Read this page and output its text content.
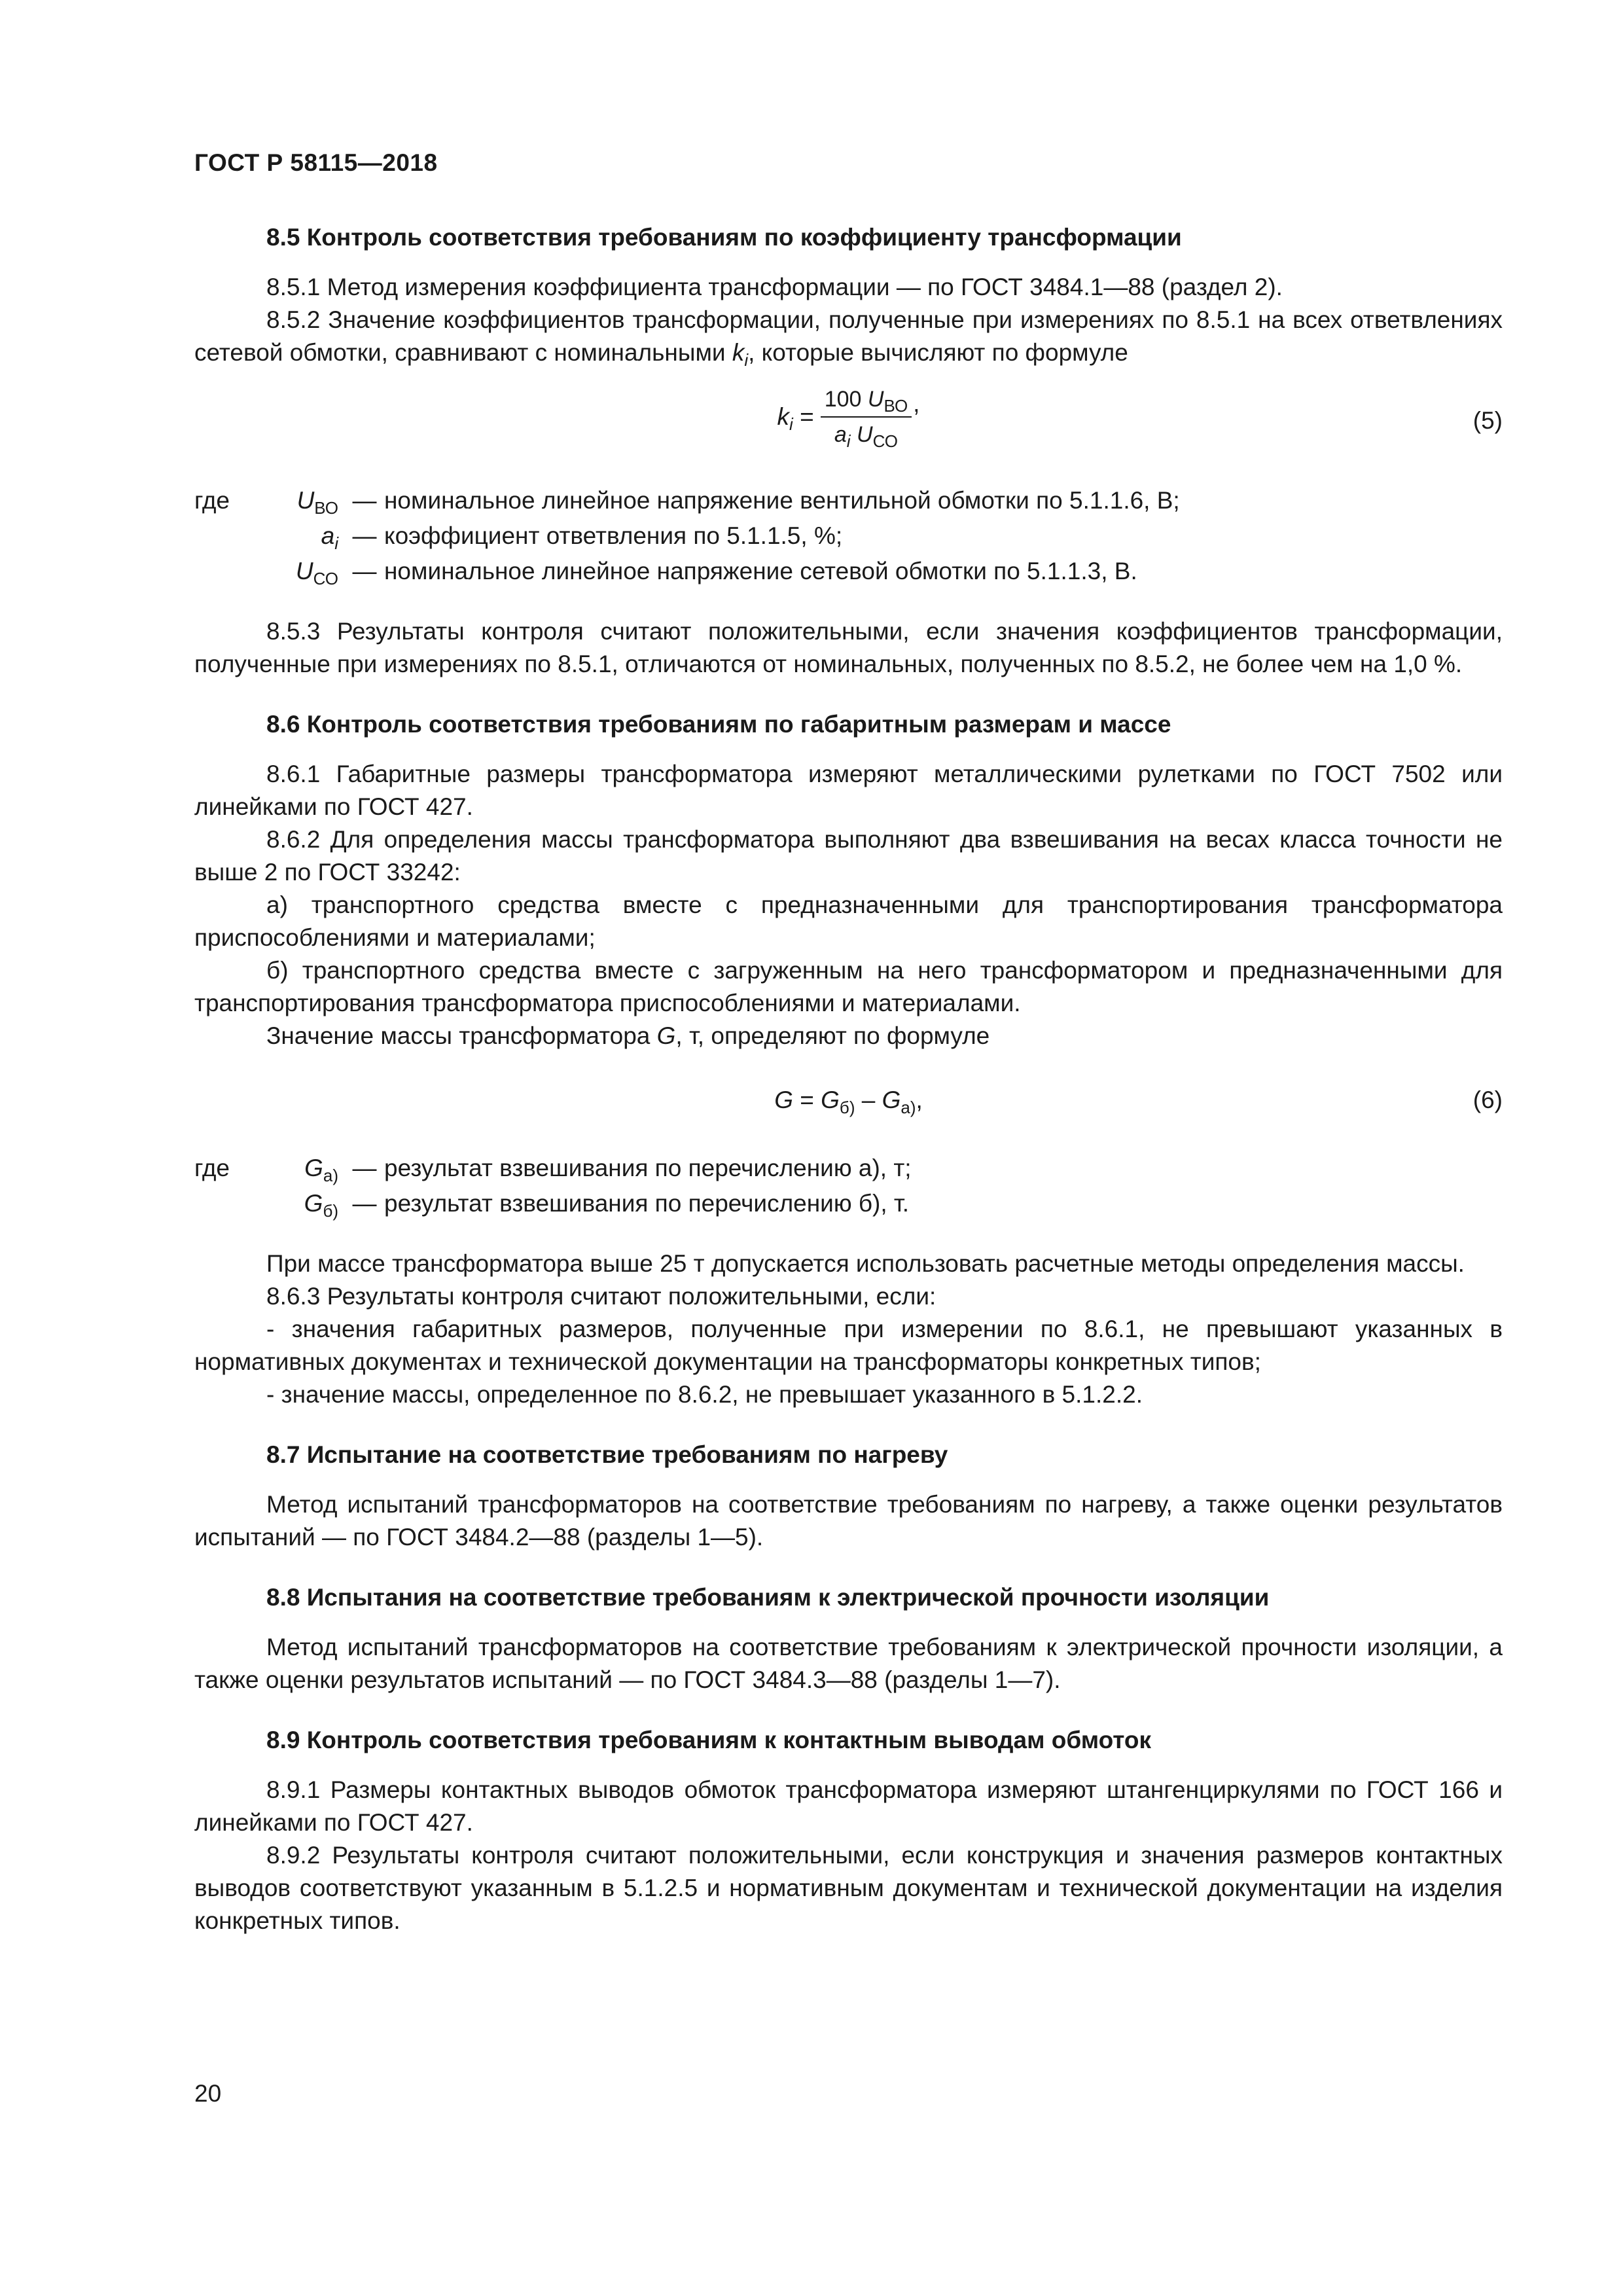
ГОСТ Р 58115—2018
8.5 Контроль соответствия требованиям по коэффициенту трансформации

8.5.1 Метод измерения коэффициента трансформации — по ГОСТ 3484.1—88 (раздел 2).

8.5.2 Значение коэффициентов трансформации, полученные при измерениях по 8.5.1 на всех ответвлениях сетевой обмотки, сравнивают с номинальными $k_i$, которые вычисляют по формуле

$k_i = \frac{100 U_{ВО}}{a_i U_{СО}}$ ,
(5)
где	$U_{ВО}$ — номинальное линейное напряжение вентильной обмотки по 5.1.1.6, В;
$a_i$ — коэффициент ответвления по 5.1.1.5, %;
$U_{СО}$ — номинальное линейное напряжение сетевой обмотки по 5.1.1.3, В.

8.5.3 Результаты контроля считают положительными, если значения коэффициентов трансформации, полученные при измерениях по 8.5.1, отличаются от номинальных, полученных по 8.5.2, не более чем на 1,0 %.

8.6 Контроль соответствия требованиям по габаритным размерам и массе

8.6.1 Габаритные размеры трансформатора измеряют металлическими рулетками по ГОСТ 7502 или линейками по ГОСТ 427.

8.6.2 Для определения массы трансформатора выполняют два взвешивания на весах класса точности не выше 2 по ГОСТ 33242:

а) транспортного средства вместе с предназначенными для транспортирования трансформатора приспособлениями и материалами;

б) транспортного средства вместе с загруженным на него трансформатором и предназначенными для транспортирования трансформатора приспособлениями и материалами.

Значение массы трансформатора G, т, определяют по формуле

$G = G_{б)} - G_{а)}$,	(6)
где	$G_{а)}$ — результат взвешивания по перечислению а), т;
$G_{б)}$ — результат взвешивания по перечислению б), т.

При массе трансформатора выше 25 т допускается использовать расчетные методы определения массы.

8.6.3 Результаты контроля считают положительными, если:

- значения габаритных размеров, полученные при измерении по 8.6.1, не превышают указанных в нормативных документах и технической документации на трансформаторы конкретных типов;

- значение массы, определенное по 8.6.2, не превышает указанного в 5.1.2.2.

8.7 Испытание на соответствие требованиям по нагреву

Метод испытаний трансформаторов на соответствие требованиям по нагреву, а также оценки результатов испытаний — по ГОСТ 3484.2—88 (разделы 1—5).

8.8 Испытания на соответствие требованиям к электрической прочности изоляции

Метод испытаний трансформаторов на соответствие требованиям к электрической прочности изоляции, а также оценки результатов испытаний — по ГОСТ 3484.3—88 (разделы 1—7).

8.9 Контроль соответствия требованиям к контактным выводам обмоток

8.9.1 Размеры контактных выводов обмоток трансформатора измеряют штангенциркулями по ГОСТ 166 и линейками по ГОСТ 427.

8.9.2 Результаты контроля считают положительными, если конструкция и значения размеров контактных выводов соответствуют указанным в 5.1.2.5 и нормативным документам и технической документации на изделия конкретных типов.

20
